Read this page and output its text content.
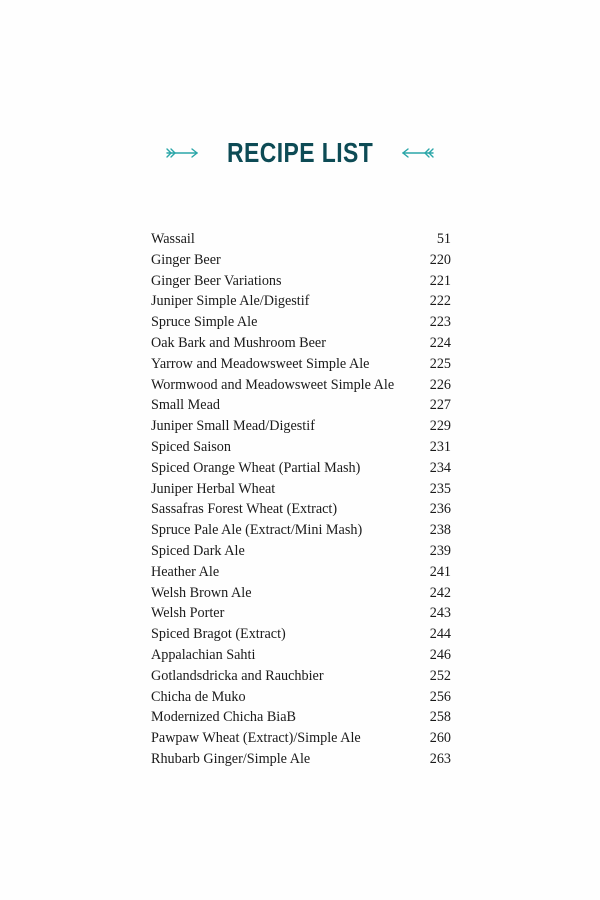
RECIPE LIST
Wassail	51
Ginger Beer	220
Ginger Beer Variations	221
Juniper Simple Ale/Digestif	222
Spruce Simple Ale	223
Oak Bark and Mushroom Beer	224
Yarrow and Meadowsweet Simple Ale	225
Wormwood and Meadowsweet Simple Ale	226
Small Mead	227
Juniper Small Mead/Digestif	229
Spiced Saison	231
Spiced Orange Wheat (Partial Mash)	234
Juniper Herbal Wheat	235
Sassafras Forest Wheat (Extract)	236
Spruce Pale Ale (Extract/Mini Mash)	238
Spiced Dark Ale	239
Heather Ale	241
Welsh Brown Ale	242
Welsh Porter	243
Spiced Bragot (Extract)	244
Appalachian Sahti	246
Gotlandsdricka and Rauchbier	252
Chicha de Muko	256
Modernized Chicha BiaB	258
Pawpaw Wheat (Extract)/Simple Ale	260
Rhubarb Ginger/Simple Ale	263
